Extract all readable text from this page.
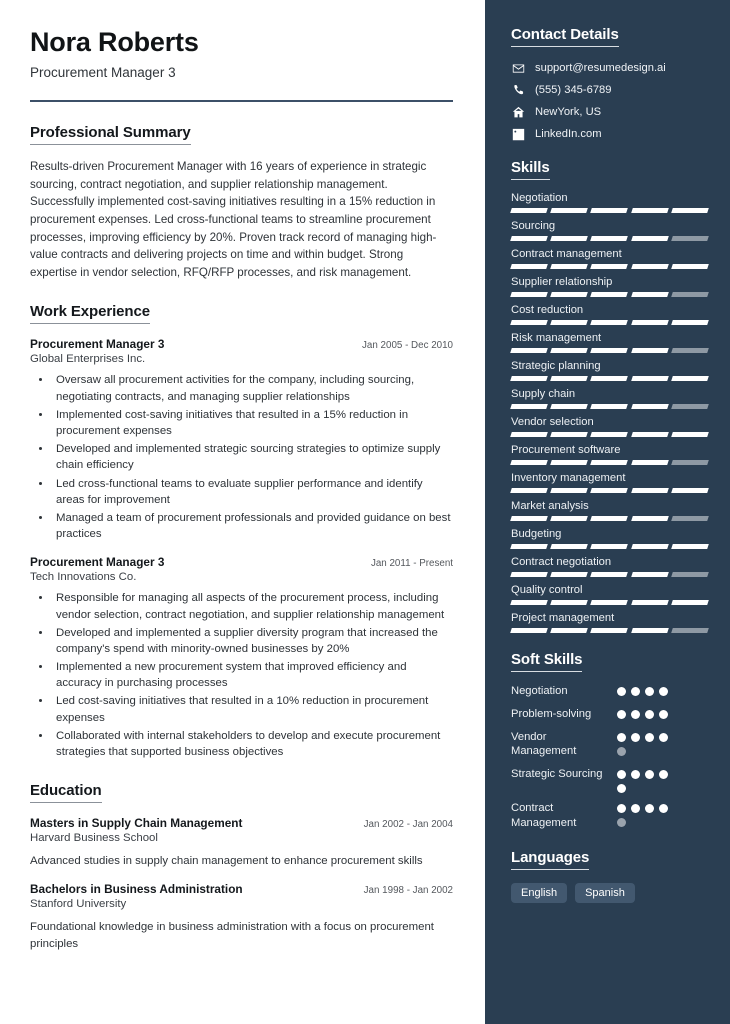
Nora Roberts
Procurement Manager 3
Professional Summary
Results-driven Procurement Manager with 16 years of experience in strategic sourcing, contract negotiation, and supplier relationship management. Successfully implemented cost-saving initiatives resulting in a 15% reduction in procurement expenses. Led cross-functional teams to streamline procurement processes, improving efficiency by 20%. Proven track record of managing high-value contracts and delivering projects on time and within budget. Strong expertise in vendor selection, RFQ/RFP processes, and risk management.
Work Experience
Procurement Manager 3	Jan 2005 - Dec 2010
Global Enterprises Inc.
• Oversaw all procurement activities for the company, including sourcing, negotiating contracts, and managing supplier relationships
• Implemented cost-saving initiatives that resulted in a 15% reduction in procurement expenses
• Developed and implemented strategic sourcing strategies to optimize supply chain efficiency
• Led cross-functional teams to evaluate supplier performance and identify areas for improvement
• Managed a team of procurement professionals and provided guidance on best practices
Procurement Manager 3	Jan 2011 - Present
Tech Innovations Co.
• Responsible for managing all aspects of the procurement process, including vendor selection, contract negotiation, and supplier relationship management
• Developed and implemented a supplier diversity program that increased the company's spend with minority-owned businesses by 20%
• Implemented a new procurement system that improved efficiency and accuracy in purchasing processes
• Led cost-saving initiatives that resulted in a 10% reduction in procurement expenses
• Collaborated with internal stakeholders to develop and execute procurement strategies that supported business objectives
Education
Masters in Supply Chain Management	Jan 2002 - Jan 2004
Harvard Business School
Advanced studies in supply chain management to enhance procurement skills
Bachelors in Business Administration	Jan 1998 - Jan 2002
Stanford University
Foundational knowledge in business administration with a focus on procurement principles
Contact Details
support@resumedesign.ai
(555) 345-6789
NewYork, US
LinkedIn.com
Skills
Negotiation
Sourcing
Contract management
Supplier relationship
Cost reduction
Risk management
Strategic planning
Supply chain
Vendor selection
Procurement software
Inventory management
Market analysis
Budgeting
Contract negotiation
Quality control
Project management
Soft Skills
Negotiation
Problem-solving
Vendor Management
Strategic Sourcing
Contract Management
Languages
English	Spanish
